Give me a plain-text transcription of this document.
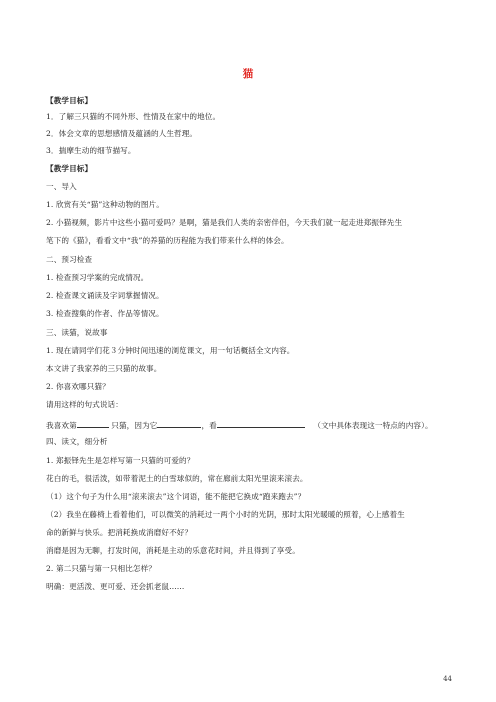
猫
【教学目标】
1．了解三只猫的不同外形、性情及在家中的地位。
2．体会文章的思想感情及蕴涵的人生哲理。
3．揣摩生动的细节描写。
【教学目标】
一、导入
1. 欣赏有关“猫”这种动物的图片。
2. 小猫视频，影片中这些小猫可爱吗？是啊，猫是我们人类的亲密伴侣，今天我们就一起走进郑振铎先生
笔下的《猫》，看看文中“我”的养猫的历程能为我们带来什么样的体会。
二、预习检查
1. 检查预习学案的完成情况。
2. 检查课文诵读及字词掌握情况。
3. 检查搜集的作者、作品等情况。
三、读猫，说故事
1. 现在请同学们花３分钟时间迅速的浏览课文，用一句话概括全文内容。
本文讲了我家养的三只猫的故事。
2. 你喜欢哪只猫？
请用这样的句式说话：
我喜欢第	只猫，因为它	，看	（文中具体表现这一特点的内容）。
四、读文，细分析
1. 郑振铎先生是怎样写第一只猫的可爱的？
花白的毛，很活泼，如带着泥土的白雪球似的，常在廊前太阳光里滚来滚去。
（1）这个句子为什么用“滚来滚去”这个词语，能不能把它换成“跑来跑去”？
（2）我坐在藤椅上看着他们，可以微笑的消耗过一两个小时的光阴，那时太阳光暖暖的照着，心上感着生
命的新鲜与快乐。把消耗换成消磨好不好？
消磨是因为无聊，打发时间，消耗是主动的乐意花时间，并且得到了享受。
2. 第二只猫与第一只相比怎样？
明确：更活泼、更可爱、还会抓老鼠……
44
